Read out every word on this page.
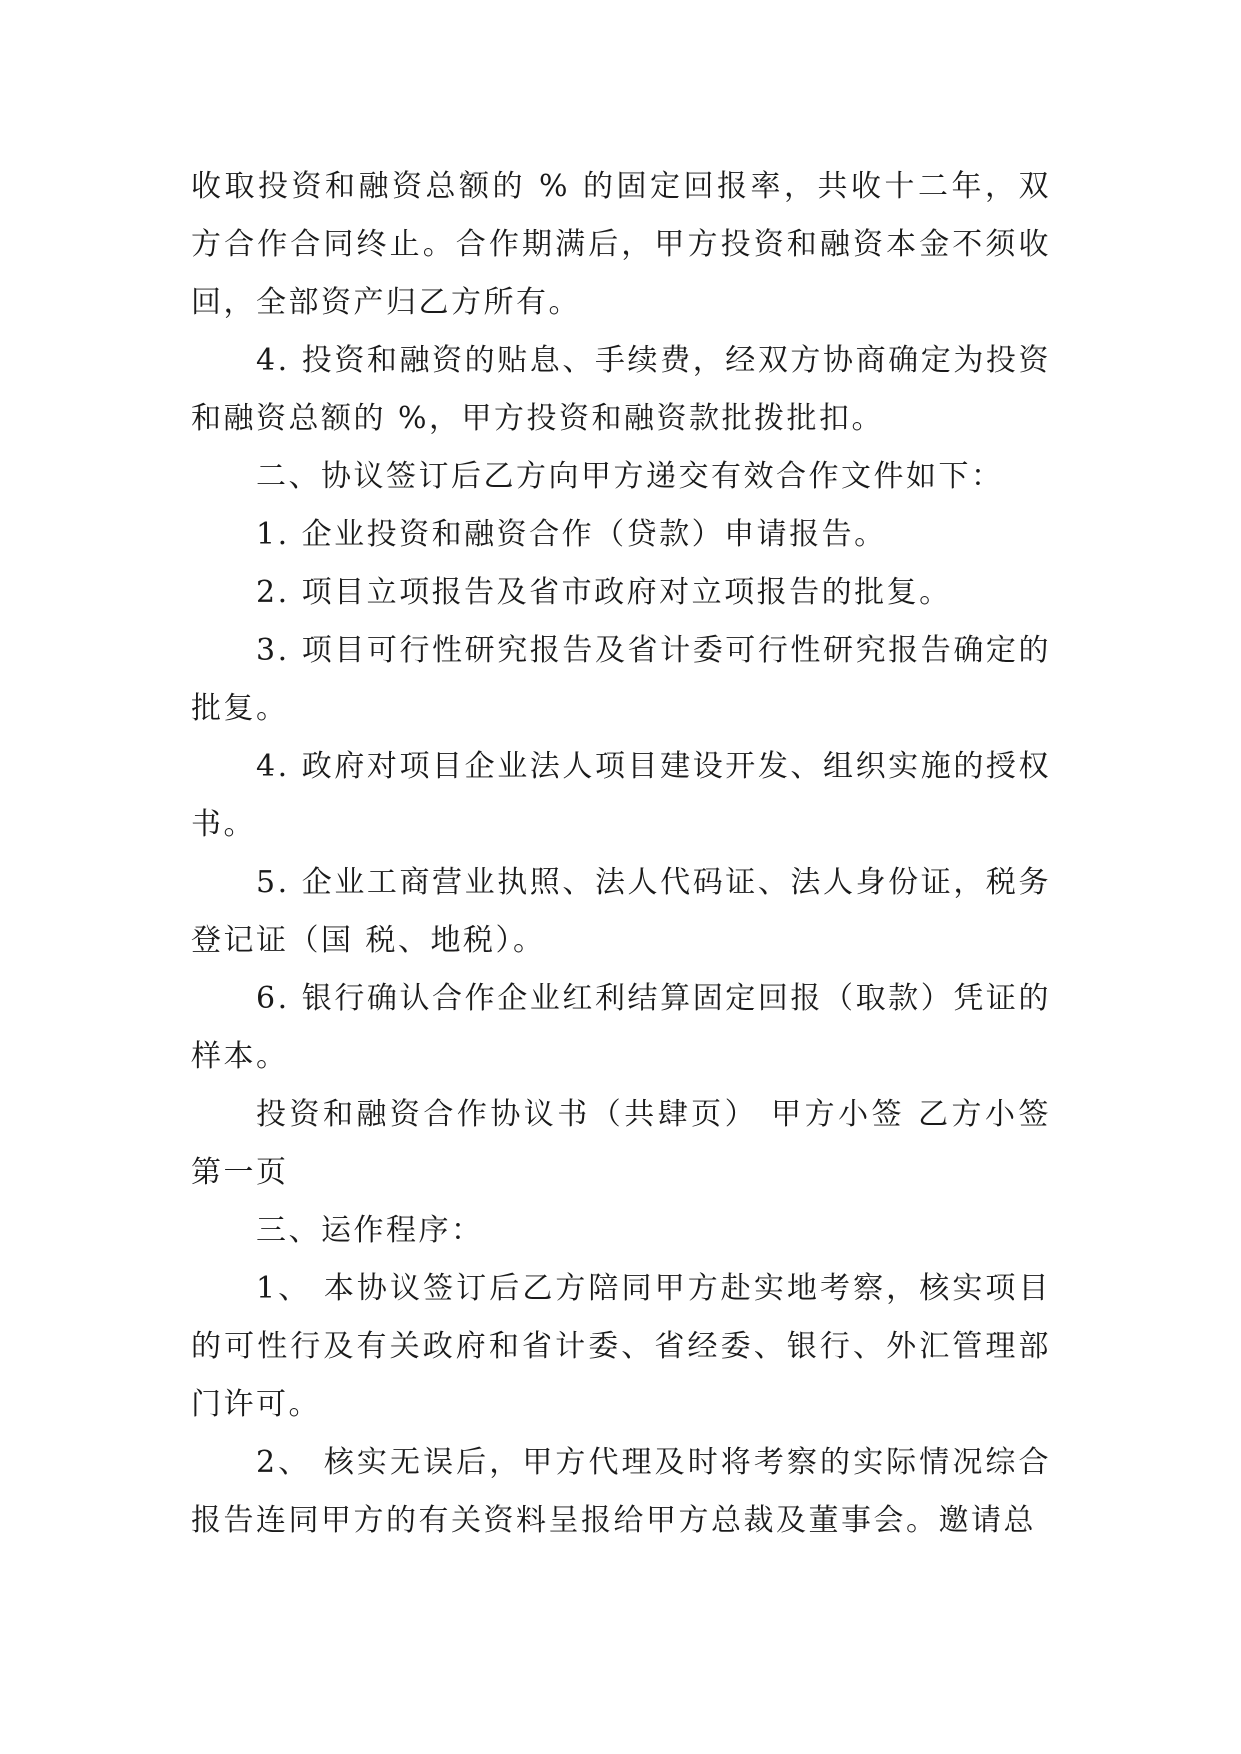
收取投资和融资总额的 % 的固定回报率，共收十二年，双方合作合同终止。合作期满后，甲方投资和融资本金不须收回，全部资产归乙方所有。

4. 投资和融资的贴息、手续费，经双方协商确定为投资和融资总额的 %，甲方投资和融资款批拨批扣。

二、协议签订后乙方向甲方递交有效合作文件如下：

1. 企业投资和融资合作（贷款）申请报告。

2. 项目立项报告及省市政府对立项报告的批复。

3. 项目可行性研究报告及省计委可行性研究报告确定的批复。

4. 政府对项目企业法人项目建设开发、组织实施的授权书。

5. 企业工商营业执照、法人代码证、法人身份证，税务登记证（国 税、地税）。

6. 银行确认合作企业红利结算固定回报（取款）凭证的样本。

投资和融资合作协议书（共肆页） 甲方小签 乙方小签第一页

三、运作程序：

1、 本协议签订后乙方陪同甲方赴实地考察，核实项目的可性行及有关政府和省计委、省经委、银行、外汇管理部门许可。

2、 核实无误后，甲方代理及时将考察的实际情况综合报告连同甲方的有关资料呈报给甲方总裁及董事会。邀请总
